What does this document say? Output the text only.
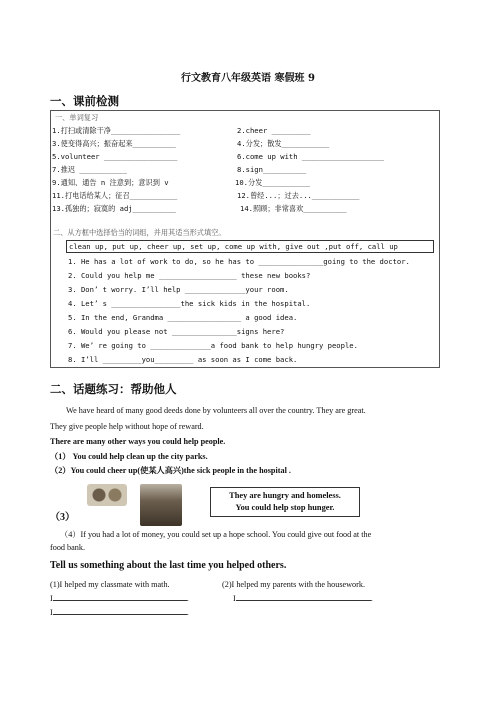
行文教育八年级英语 寒假班 9
一、课前检测
一、单词复习
1.打扫或清除干净________________	2.cheer _________
3.使变得高兴；振奋起来__________	4.分发；散发___________
5.volunteer _________________	6.come up with ___________________
7.推迟 ___________	8.sign__________
9.通知、通告 n 注意到；意识到 v	10.分发___________
11.打电话给某人；征召___________	12.曾经...；过去...___________
13.孤独的；寂寞的 adj__________	14.照顾；非常喜欢__________
二、从方框中选择恰当的词组，并用其适当形式填空。
clean up, put up, cheer up, set up, come up with, give out ,put off, call up
1. He has a lot of work to do, so he has to _______________going to the doctor.
2. Could you help me __________________ these new books?
3. Don’ t worry. I’ll help ______________your room.
4. Let’ s ________________the sick kids in the hospital.
5. In the end, Grandma _________________ a good idea.
6. Would you please not _______________signs here?
7. We’ re going to ______________a food bank to help hungry people.
8. I’ll _________you_________ as soon as I come back.
二、话题练习：帮助他人
We have heard of many good deeds done by volunteers all over the country. They are great.
They give people help without hope of reward.
There are many other ways you could help people.
（1） You could help clean up the city parks.
（2）You could cheer up(使某人高兴)the sick people in the hospital .
（3）
They are hungry and homeless.
You could help stop hunger.
（4）If you had a lot of money, you could set up a hope school. You could give out food at the
food bank.
Tell us something about the last time you helped others.
(1)I helped my classmate with math.	(2)I helped my parents with the housework.
I	.	I	.
I	.
